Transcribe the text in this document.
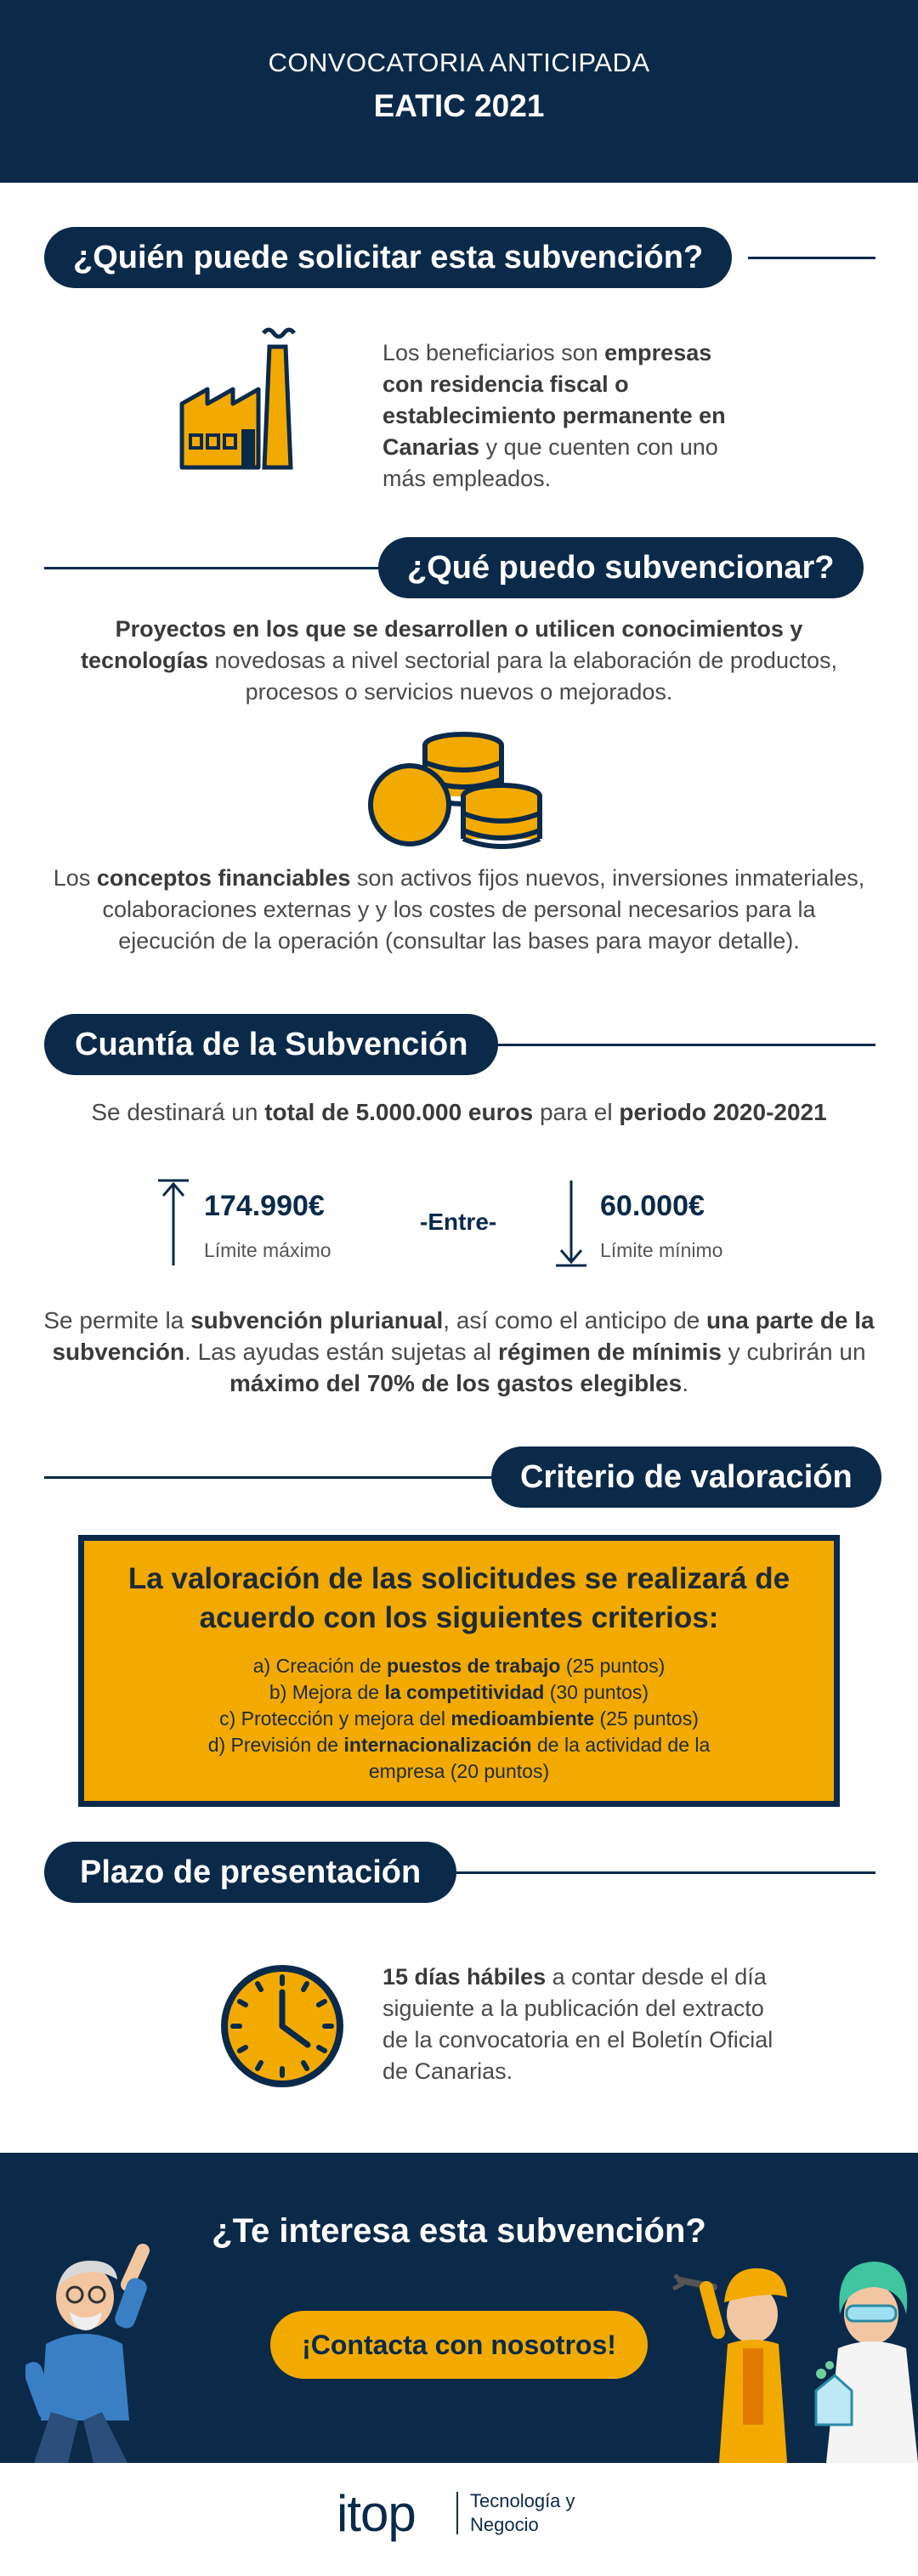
CONVOCATORIA ANTICIPADA
EATIC 2021
¿Quién puede solicitar esta subvención?
Los beneficiarios son empresas con residencia fiscal o establecimiento permanente en Canarias y que cuenten con uno más empleados.
¿Qué puedo subvencionar?
Proyectos en los que se desarrollen o utilicen conocimientos y tecnologías novedosas a nivel sectorial para la elaboración de productos, procesos o servicios nuevos o mejorados.
Los conceptos financiables son activos fijos nuevos, inversiones inmateriales, colaboraciones externas y y los costes de personal necesarios para la ejecución de la operación (consultar las bases para mayor detalle).
Cuantía de la Subvención
Se destinará un total de 5.000.000 euros para el periodo 2020-2021
174.990€
Límite máximo
-Entre-	60.000€
Límite mínimo
Se permite la subvención plurianual, así como el anticipo de una parte de la subvención. Las ayudas están sujetas al régimen de mínimis y cubrirán un máximo del 70% de los gastos elegibles.
Criterio de valoración
La valoración de las solicitudes se realizará de acuerdo con los siguientes criterios:
a) Creación de puestos de trabajo (25 puntos)
b) Mejora de la competitividad (30 puntos)
c) Protección y mejora del medioambiente (25 puntos)
d) Previsión de internacionalización de la actividad de la empresa (20 puntos)
Plazo de presentación
15 días hábiles a contar desde el día siguiente a la publicación del extracto de la convocatoria en el Boletín Oficial de Canarias.
¿Te interesa esta subvención?
¡Contacta con nosotros!
itop	Tecnología y
Negocio
